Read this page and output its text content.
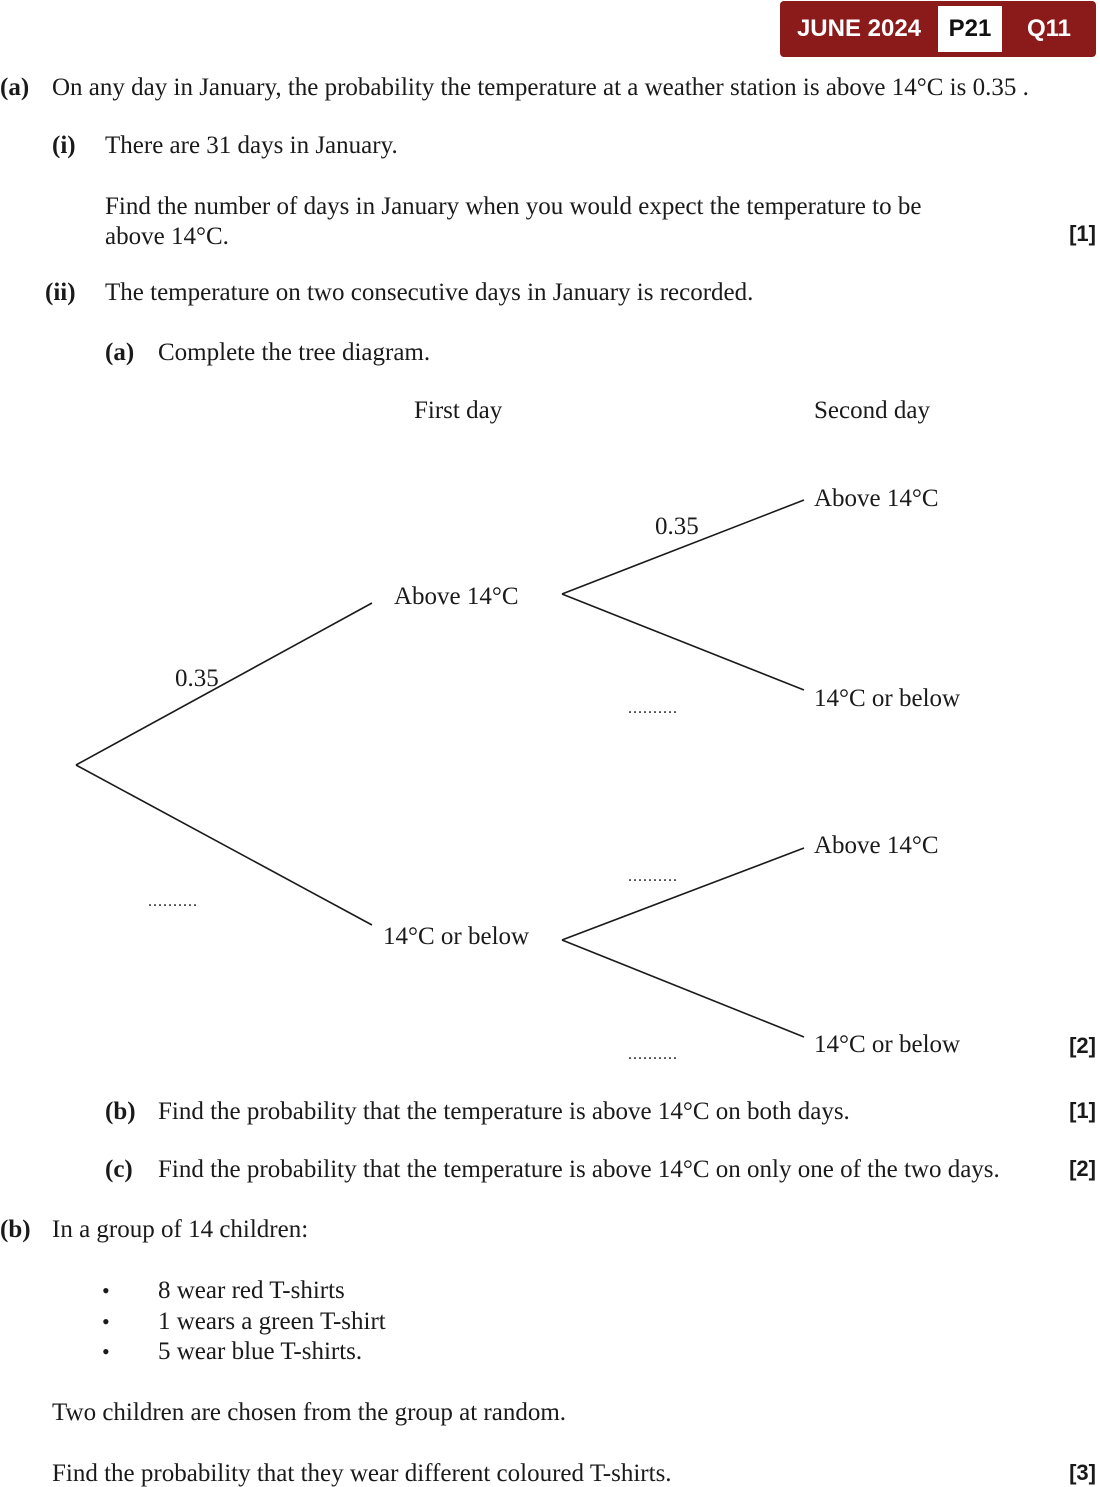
JUNE 2024	P21	Q11
(a) On any day in January, the probability the temperature at a weather station is above 14°C is 0.35 .
(i) There are 31 days in January.
Find the number of days in January when you would expect the temperature to be
above 14°C.	[1]
(ii) The temperature on two consecutive days in January is recorded.
(a) Complete the tree diagram.
First day	Second day
Above 14°C
14°C or below
0.35
..........
Above 14°C
14°C or below
Above 14°C
14°C or below
0.35
..........
..........
..........	[2]
(b) Find the probability that the temperature is above 14°C on both days.	[1]
(c) Find the probability that the temperature is above 14°C on only one of the two days.	[2]
(b) In a group of 14 children:
• 8 wear red T-shirts
• 1 wears a green T-shirt
• 5 wear blue T-shirts.
Two children are chosen from the group at random.
Find the probability that they wear different coloured T-shirts.	[3]
